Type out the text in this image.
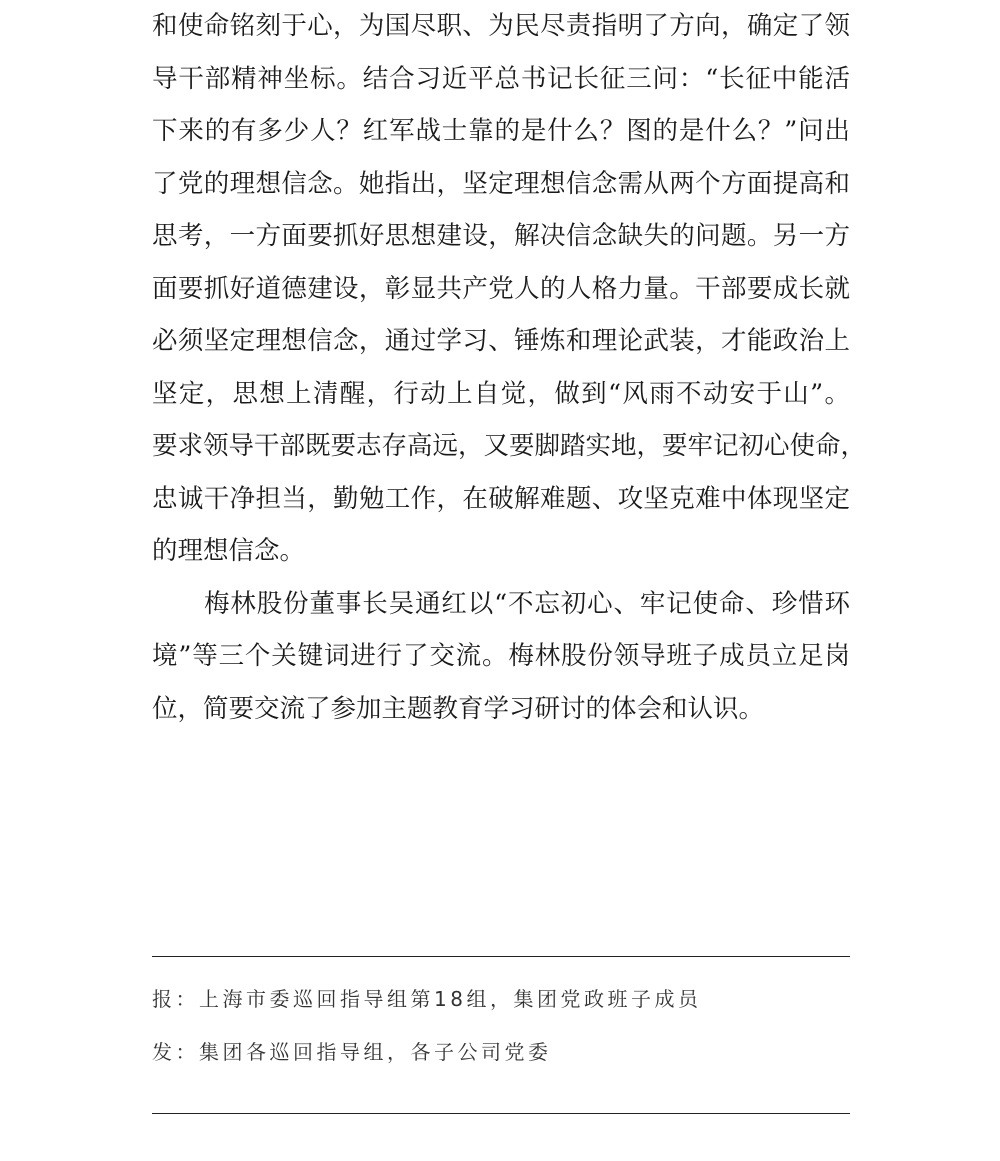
和使命铭刻于心，为国尽职、为民尽责指明了方向，确定了领
导干部精神坐标。结合习近平总书记长征三问：“长征中能活
下来的有多少人？红军战士靠的是什么？图的是什么？”问出
了党的理想信念。她指出，坚定理想信念需从两个方面提高和
思考，一方面要抓好思想建设，解决信念缺失的问题。另一方
面要抓好道德建设，彰显共产党人的人格力量。干部要成长就
必须坚定理想信念，通过学习、锤炼和理论武装，才能政治上
坚定，思想上清醒，行动上自觉，做到“风雨不动安于山”。
要求领导干部既要志存高远，又要脚踏实地，要牢记初心使命，
忠诚干净担当，勤勉工作，在破解难题、攻坚克难中体现坚定
的理想信念。
梅林股份董事长吴通红以“不忘初心、牢记使命、珍惜环
境”等三个关键词进行了交流。梅林股份领导班子成员立足岗
位，简要交流了参加主题教育学习研讨的体会和认识。
报：上海市委巡回指导组第18组，集团党政班子成员
发：集团各巡回指导组，各子公司党委
